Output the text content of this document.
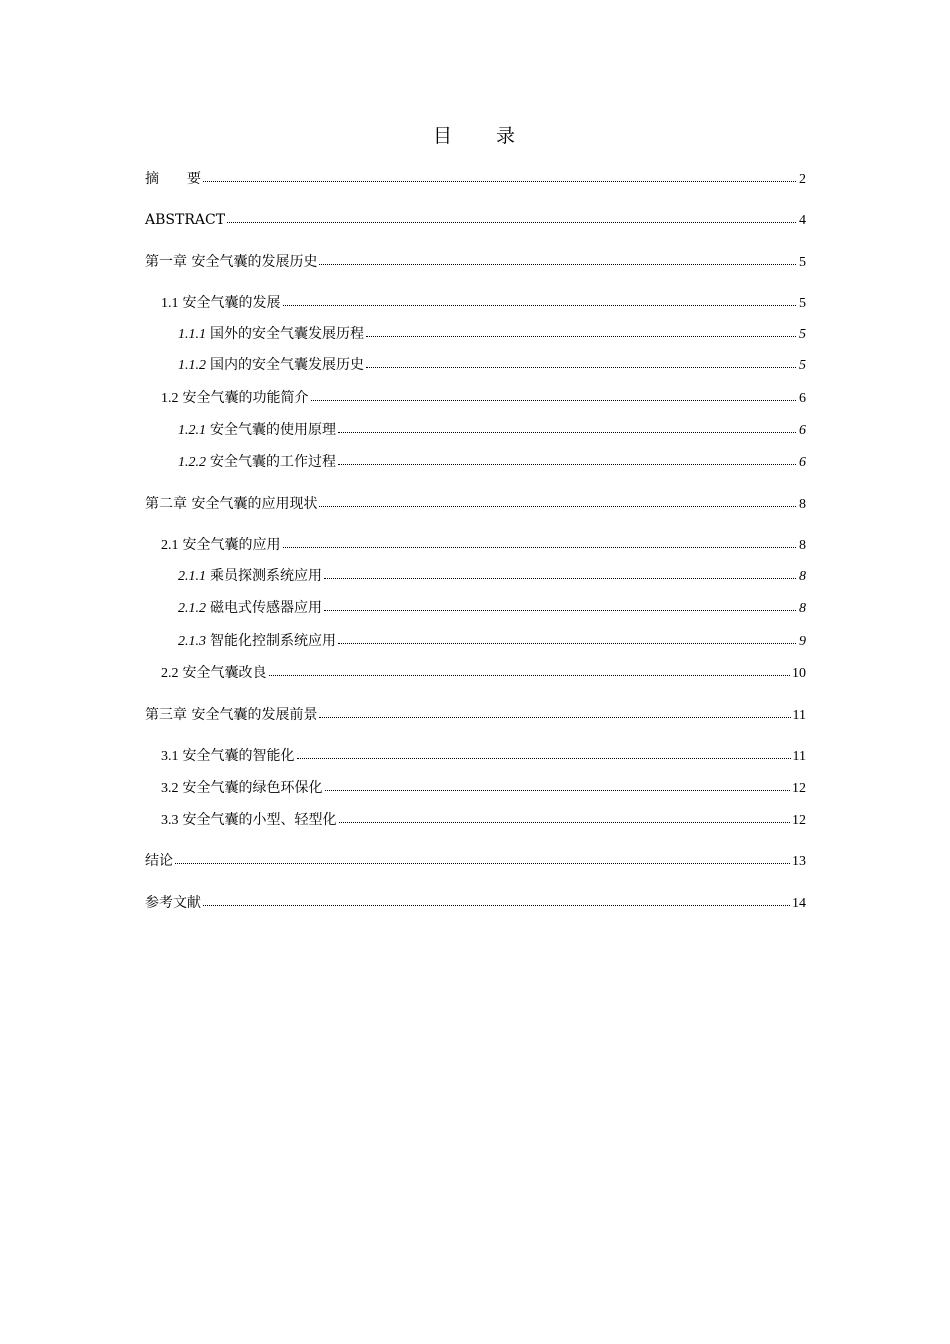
目 录
摘　　要	2
ABSTRACT	4
第一章 安全气囊的发展历史	5
1.1 安全气囊的发展	5
1.1.1 国外的安全气囊发展历程	5
1.1.2 国内的安全气囊发展历史	5
1.2 安全气囊的功能简介	6
1.2.1 安全气囊的使用原理	6
1.2.2 安全气囊的工作过程	6
第二章 安全气囊的应用现状	8
2.1 安全气囊的应用	8
2.1.1 乘员探测系统应用	8
2.1.2 磁电式传感器应用	8
2.1.3 智能化控制系统应用	9
2.2 安全气囊改良	10
第三章 安全气囊的发展前景	11
3.1 安全气囊的智能化	11
3.2 安全气囊的绿色环保化	12
3.3 安全气囊的小型、轻型化	12
结论	13
参考文献	14
